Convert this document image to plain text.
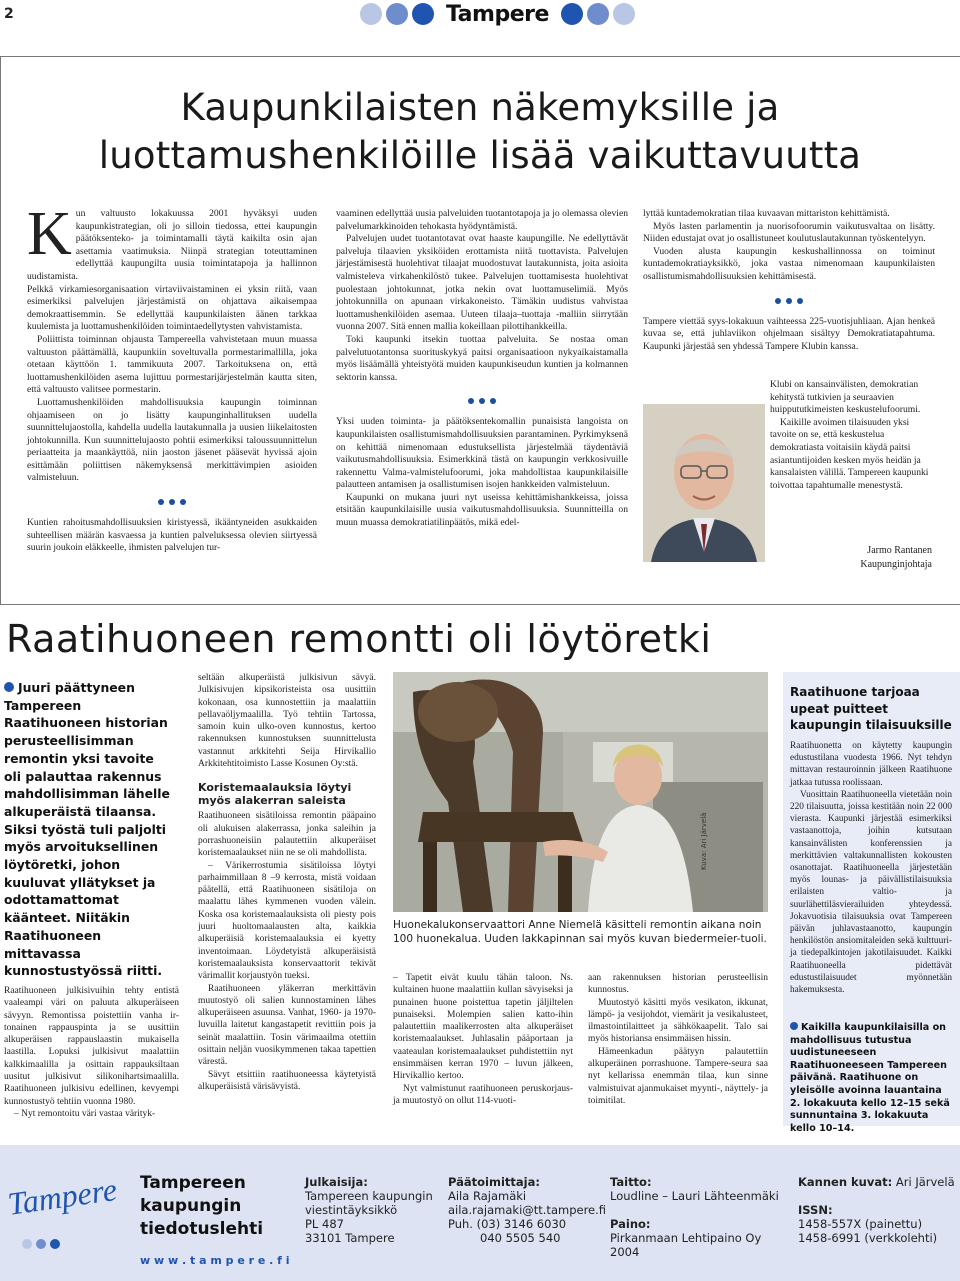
2	Tampere
Kaupunkilaisten näkemyksille ja
luottamushenkilöille lisää vaikuttavuutta

K un valtuusto lokakuussa 2001 hyväksyi uuden kaupunkistrategian, oli jo silloin tiedossa, ettei kaupungin päätöksenteko- ja toimintamalli täytä kaikilta osin ajan asettamia vaatimuksia. Niinpä strategian toteuttaminen edellyttää kaupungilta uusia toimintatapoja ja hallinnon uudistamista.

Pelkkä virkamiesorganisaation virtaviivaistaminen ei yksin riitä, vaan esimerkiksi palvelujen järjestämistä on ohjattava aikaisempaa demokraattisemmin. Se edellyttää kaupunkilaisten äänen tarkkaa kuulemista ja luottamushenkilöiden toimintaedellytysten vahvistamista.

Poliittista toiminnan ohjausta Tampereella vahvistetaan muun muassa valtuuston päättämällä, kaupunkiin soveltuvalla pormestarimallilla, joka otetaan käyttöön 1. tammikuuta 2007. Tarkoituksena on, että luottamushenkilöiden asema lujittuu pormestarijärjestelmän kautta siten, että valtuusto valitsee pormestarin.

Luottamushenkilöiden mahdollisuuksia kaupungin toiminnan ohjaamiseen on jo lisätty kaupunginhallituksen uudella suunnittelujaostolla, kahdella uudella lautakunnalla ja uusien liikelaitosten johtokunnilla. Kun suunnittelujaosto pohtii esimerkiksi taloussuunnittelun periaatteita ja maankäyttöä, niin jaoston jäsenet pääsevät hyvissä ajoin esittämään poliittisen näkemyksensä merkittävimpien asioiden valmisteluun.

Kuntien rahoitusmahdollisuuksien kiristyessä, ikääntyneiden asukkaiden suhteellisen määrän kasvaessa ja kuntien palveluksessa olevien siirtyessä suurin joukoin eläkkeelle, ihmisten palvelujen tur-

vaaminen edellyttää uusia palveluiden tuotantotapoja ja jo olemassa olevien palvelumarkkinoiden tehokasta hyödyntämistä.

Palvelujen uudet tuotantotavat ovat haaste kaupungille. Ne edellyttävät palveluja tilaavien yksiköiden erottamista niitä tuottavista. Palvelujen järjestämisestä huolehtivat tilaajat muodostuvat lautakunnista, joita asioita valmisteleva virkahenkilöstö tukee. Palvelujen tuottamisesta huolehtivat puolestaan johtokunnat, jotka nekin ovat luottamuselimiä. Myös johtokunnilla on apunaan virkakoneisto. Tämäkin uudistus vahvistaa luottamushenkilöiden asemaa. Uuteen tilaaja–tuottaja -malliin siirrytään vuonna 2007. Sitä ennen mallia kokeillaan pilottihankkeilla.

Toki kaupunki itsekin tuottaa palveluita. Se nostaa oman palvelutuotantonsa suorituskykyä paitsi organisaatioon nykyaikaistamalla myös lisäämällä yhteistyötä muiden kaupunkiseudun kuntien ja kolmannen sektorin kanssa.

Yksi uuden toiminta- ja päätöksentekomallin punaisista langoista on kaupunkilaisten osallistumismahdollisuuksien parantaminen. Pyrkimyksenä on kehittää nimenomaan edustuksellista järjestelmää täydentäviä vaikutusmahdollisuuksia. Esimerkkinä tästä on kaupungin verkkosivuille rakennettu Valma-valmistelufoorumi, joka mahdollistaa kaupunkilaisille palautteen antamisen ja osallistumisen isojen hankkeiden valmisteluun.

Kaupunki on mukana juuri nyt useissa kehittämishankkeissa, joissa etsitään kaupunkilaisille uusia vaikutusmahdollisuuksia. Suunnitteilla on muun muassa demokratiatilinpäätös, mikä edel-

lyttää kuntademokratian tilaa kuvaavan mittariston kehittämistä.

Myös lasten parlamentin ja nuorisofoorumin vaikutusvaltaa on lisätty. Niiden edustajat ovat jo osallistuneet koulutuslautakunnan työskentelyyn.

Vuoden alusta kaupungin keskushallinnossa on toiminut kuntademokratiayksikkö, joka vastaa nimenomaan kaupunkilaisten osallistumismahdollisuuksien kehittämisestä.

Tampere viettää syys-lokakuun vaihteessa 225-vuotisjuhliaan. Ajan henkeä kuvaa se, että juhlaviikon ohjelmaan sisältyy Demokratiatapahtuma. Kaupunki järjestää sen yhdessä Tampere Klubin kanssa.

Klubi on kansainvälisten, demokratian kehitystä tutkivien ja seuraavien huippututkimeisten keskustelufoorumi.

Kaikille avoimen tilaisuuden yksi tavoite on se, että keskustelua demokratiasta voitaisiin käydä paitsi asiantuntijoiden kesken myös heidän ja kansalaisten välillä. Tampereen kaupunki toivottaa tapahtumalle menestystä.

Jarmo Rantanen
Kaupunginjohtaja
Raatihuoneen remontti oli löytöretki
Juuri päättyneen Tampereen Raatihuoneen historian perusteellisimman remontin yksi tavoite oli palauttaa rakennus mahdollisimman lähelle alkuperäistä tilaansa. Siksi työstä tuli paljolti myös arvoituksellinen löytöretki, johon kuuluvat yllätykset ja odottamattomat käänteet. Niitäkin Raatihuoneen mittavassa kunnostustyössä riitti.

Raatihuoneen julkisivuihin tehty entistä vaaleampi väri on paluuta alkuperäiseen sävyyn. Remontissa poistettiin vanha ir-tonainen rappauspinta ja se uusittiin alkuperäisen rappauslaastin mukaisella laastilla. Lopuksi julkisivut maalattiin kalkkimaalilla ja osittain rappauksiltaan uusitut julkisivut silikonihartsimaalilla. Raatihuoneen julkisivu edellinen, kevyempi kunnostustyö tehtiin vuonna 1980.

– Nyt remontoitu väri vastaa värityk-

seltään alkuperäistä julkisivun sävyä. Julkisivujen kipsikoristeista osa uusittiin kokonaan, osa kunnostettiin ja maalattiin pellavaöljymaalilla. Työ tehtiin Tartossa, samoin kuin ulko-oven kunnostus, kertoo rakennuksen kunnostuksen suunnittelusta vastannut arkkitehti Seija Hirvikallio Arkkitehtitoimisto Lasse Kosunen Oy:stä.

Koristemaalauksia löytyi myös alakerran saleista

Raatihuoneen sisätiloissa remontin pääpaino oli alukuisen alakerrassa, jonka saleihin ja porrashuoneisiin palautettiin alkuperäiset koristemaalaukset niin ne se oli mahdollista.

– Värikerrostumia sisätiloissa löytyi parhaimmillaan 8 –9 kerrosta, mistä voidaan päätellä, että Raatihuoneen sisätiloja on maalattu lähes kymmenen vuoden välein. Koska osa koristemaalauksista oli piesty pois juuri huoltomaalausten alta, kaikkia alkuperäisiä koristemaalauksia ei kyetty inventoimaan. Löydetyistä alkuperäisistä koristemaalauksista konservaattorit tekivät värimallit korjaustyön tueksi.

Raatihuoneen yläkerran merkittävin muutostyö oli salien kunnostaminen lähes alkuperäiseen asuunsa. Vanhat, 1960- ja 1970-luvuilla laitetut kangastapetit revittiin pois ja seinät maalattiin. Tosin värimaailma otettiin osittain neljän vuosikymmenen takaa tapettien värestä.

Sävyt etsittiin raatihuoneessa käytetyistä alkuperäisistä värisävyistä.

Kuva: Ari Järvelä
Huonekalukonservaattori Anne Niemelä käsitteli remontin aikana noin 100 huonekalua. Uuden lakkapinnan sai myös kuvan biedermeier-tuoli.

– Tapetit eivät kuulu tähän taloon. Ns. kultainen huone maalattiin kullan sävyiseksi ja punainen huone poistettua tapetin jäljiltelen punaiseksi. Molempien salien katto-ihin palautettiin maalikerrosten alta alkuperäiset koristemaalaukset. Juhlasalin pääportaan ja vaateaulan koristemaalaukset puhdistettiin nyt ensimmäisen kerran 1970 – luvun jälkeen, Hirvikallio kertoo.

Nyt valmistunut raatihuoneen peruskorjaus- ja muutostyö on ollut 114-vuoti-

aan rakennuksen historian perusteellisin kunnostus.

Muutostyö käsitti myös vesikaton, ikkunat, lämpö- ja vesijohdot, viemärit ja vesikalusteet, ilmastointilaitteet ja sähkökaapelit. Talo sai myös historiansa ensimmäisen hissin.

Hämeenkadun päätyyn palautettiin alkuperäinen porrashuone. Tampere-seura saa nyt kellarissa enemmän tilaa, kun sinne valmistuivat ajanmukaiset myynti-, näyttely- ja toimitilat.

Raatihuone tarjoaa upeat puitteet kaupungin tilaisuuksille

Raatihuonetta on käytetty kaupungin edustustilana vuodesta 1966. Nyt tehdyn mittavan restauroinnin jälkeen Raatihuone jatkaa tutussa roolissaan.

Vuosittain Raatihuoneella vietetään noin 220 tilaisuutta, joissa kestitään noin 22 000 vierasta. Kaupunki järjestää esimerkiksi vastaanottoja, joihin kutsutaan kansainvälisten konferenssien ja merkittävien valtakunnallisten kokousten osanottajat. Raatihuoneella järjestetään myös lounas- ja päivällistilaisuuksia erilaisten valtio- ja suurlähettiläsvierailuiden yhteydessä. Jokavuotisia tilaisuuksia ovat Tampereen päivän juhlavastaanotto, kaupungin henkilöstön ansiomitaleiden sekä kulttuuri- ja tiedepalkintojen jakotilaisuudet. Kaikki Raatihuoneella pidettävät edustustilaisuudet myönnetään hakemuksesta.

Kaikilla kaupunkilaisilla on mahdollisuus tutustua uudistuneeseen Raatihuoneeseen Tampereen päivänä. Raatihuone on yleisölle avoinna lauantaina 2. lokakuuta kello 12–15 sekä sunnuntaina 3. lokakuuta kello 10–14.
Tampere	Tampereen
kaupungin
tiedotuslehti
w w w . t a m p e r e . f i
Julkaisija:
Tampereen kaupungin
viestintäyksikkö
PL 487
33101 Tampere
Päätoimittaja:
Aila Rajamäki
aila.rajamaki@tt.tampere.fi
Puh. (03) 3146 6030
040 5505 540
Taitto:
Loudline – Lauri Lähteenmäki
Paino:
Pirkanmaan Lehtipaino Oy 2004
Kannen kuvat: Ari Järvelä
ISSN:
1458-557X (painettu)
1458-6991 (verkkolehti)
